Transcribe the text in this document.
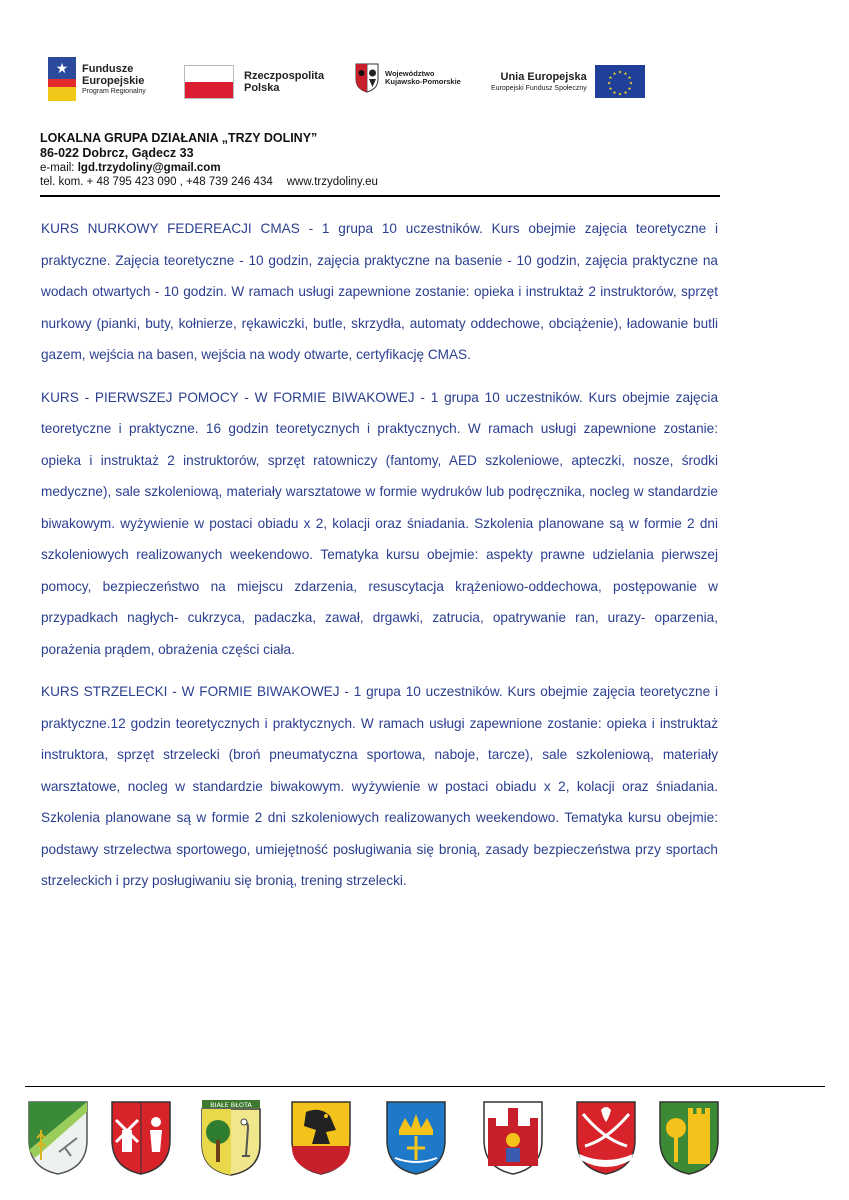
★	Fundusze
Europejskie
Program Regionalny
Rzeczpospolita
Polska
Województwo
Kujawsko-Pomorskie	Unia Europejska
Europejski Fundusz Społeczny
★ ★
★
★
★
★
★
★
★
★
★
★
LOKALNA GRUPA DZIAŁANIA „TRZY DOLINY”
86-022 Dobrcz, Gądecz 33
e-mail: lgd.trzydoliny@gmail.com
tel. kom. + 48 795 423 090 , +48 739 246 434 www.trzydoliny.eu

KURS NURKOWY FEDEREACJI CMAS - 1 grupa 10 uczestników. Kurs obejmie zajęcia teoretyczne i praktyczne. Zajęcia teoretyczne - 10 godzin, zajęcia praktyczne na basenie - 10 godzin, zajęcia praktyczne na wodach otwartych - 10 godzin. W ramach usługi zapewnione zostanie: opieka i instruktaż 2 instruktorów, sprzęt nurkowy (pianki, buty, kołnierze, rękawiczki, butle, skrzydła, automaty oddechowe, obciążenie), ładowanie butli gazem, wejścia na basen, wejścia na wody otwarte, certyfikację CMAS.

KURS - PIERWSZEJ POMOCY - W FORMIE BIWAKOWEJ - 1 grupa 10 uczestników. Kurs obejmie zajęcia teoretyczne i praktyczne. 16 godzin teoretycznych i praktycznych. W ramach usługi zapewnione zostanie: opieka i instruktaż 2 instruktorów, sprzęt ratowniczy (fantomy, AED szkoleniowe, apteczki, nosze, środki medyczne), sale szkoleniową, materiały warsztatowe w formie wydruków lub podręcznika, nocleg w standardzie biwakowym. wyżywienie w postaci obiadu x 2, kolacji oraz śniadania. Szkolenia planowane są w formie 2 dni szkoleniowych realizowanych weekendowo. Tematyka kursu obejmie: aspekty prawne udzielania pierwszej pomocy, bezpieczeństwo na miejscu zdarzenia, resuscytacja krążeniowo-oddechowa, postępowanie w przypadkach nagłych- cukrzyca, padaczka, zawał, drgawki, zatrucia, opatrywanie ran, urazy- oparzenia, porażenia prądem, obrażenia części ciała.

KURS STRZELECKI - W FORMIE BIWAKOWEJ - 1 grupa 10 uczestników. Kurs obejmie zajęcia teoretyczne i praktyczne.12 godzin teoretycznych i praktycznych. W ramach usługi zapewnione zostanie: opieka i instruktaż instruktora, sprzęt strzelecki (broń pneumatyczna sportowa, naboje, tarcze), sale szkoleniową, materiały warsztatowe, nocleg w standardzie biwakowym. wyżywienie w postaci obiadu x 2, kolacji oraz śniadania. Szkolenia planowane są w formie 2 dni szkoleniowych realizowanych weekendowo. Tematyka kursu obejmie: podstawy strzelectwa sportowego, umiejętność posługiwania się bronią, zasady bezpieczeństwa przy sportach strzeleckich i przy posługiwaniu się bronią, trening strzelecki.

BIAŁE BŁOTA
